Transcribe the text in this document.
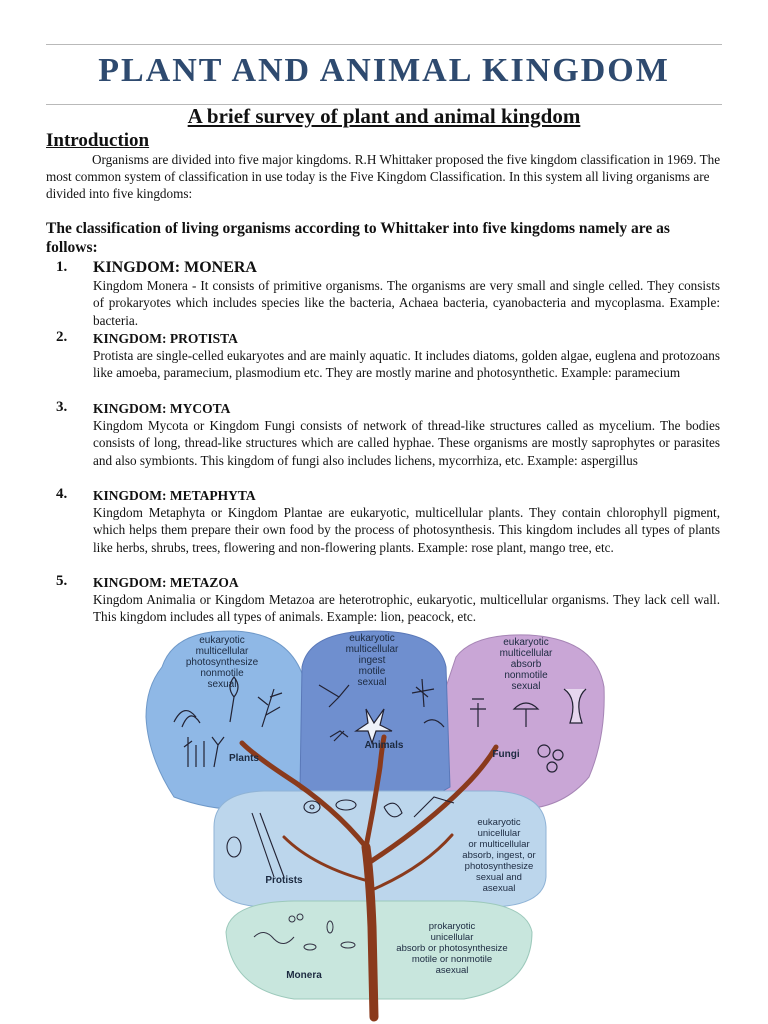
PLANT AND ANIMAL KINGDOM
A brief survey of plant and animal kingdom
Introduction

Organisms are divided into five major kingdoms. R.H Whittaker proposed the five kingdom classification in 1969. The most common system of classification in use today is the Five Kingdom Classification. In this system all living organisms are divided into five kingdoms:

The classification of living organisms according to Whittaker into five kingdoms namely are as follows:

1. KINGDOM: MONERA

Kingdom Monera - It consists of primitive organisms. The organisms are very small and single celled. They consists of prokaryotes which includes species like the bacteria, Achaea bacteria, cyanobacteria and mycoplasma. Example: bacteria.

2. KINGDOM: PROTISTA

Protista are single-celled eukaryotes and are mainly aquatic. It includes diatoms, golden algae, euglena and protozoans like amoeba, paramecium, plasmodium etc. They are mostly marine and photosynthetic. Example: paramecium

3. KINGDOM: MYCOTA

Kingdom Mycota or Kingdom Fungi consists of network of thread-like structures called as mycelium. The bodies consists of long, thread-like structures which are called hyphae. These organisms are mostly saprophytes or parasites and also symbionts. This kingdom of fungi also includes lichens, mycorrhiza, etc. Example: aspergillus

4. KINGDOM: METAPHYTA

Kingdom Metaphyta or Kingdom Plantae are eukaryotic, multicellular plants. They contain chlorophyll pigment, which helps them prepare their own food by the process of photosynthesis. This kingdom includes all types of plants like herbs, shrubs, trees, flowering and non-flowering plants. Example: rose plant, mango tree, etc.

5. KINGDOM: METAZOA

Kingdom Animalia or Kingdom Metazoa are heterotrophic, eukaryotic, multicellular organisms. They lack cell wall. This kingdom includes all types of animals. Example: lion, peacock, etc.

eukaryotic
multicellular
photosynthesize
nonmotile
sexual
Plants
eukaryotic
multicellular
ingest
motile
sexual
Animals
eukaryotic
multicellular
absorb
nonmotile
sexual
Fungi
eukaryotic
unicellular
or multicellular
absorb, ingest, or
photosynthesize
sexual and
asexual
Protists
prokaryotic
unicellular
absorb or photosynthesize
motile or nonmotile
asexual
Monera
